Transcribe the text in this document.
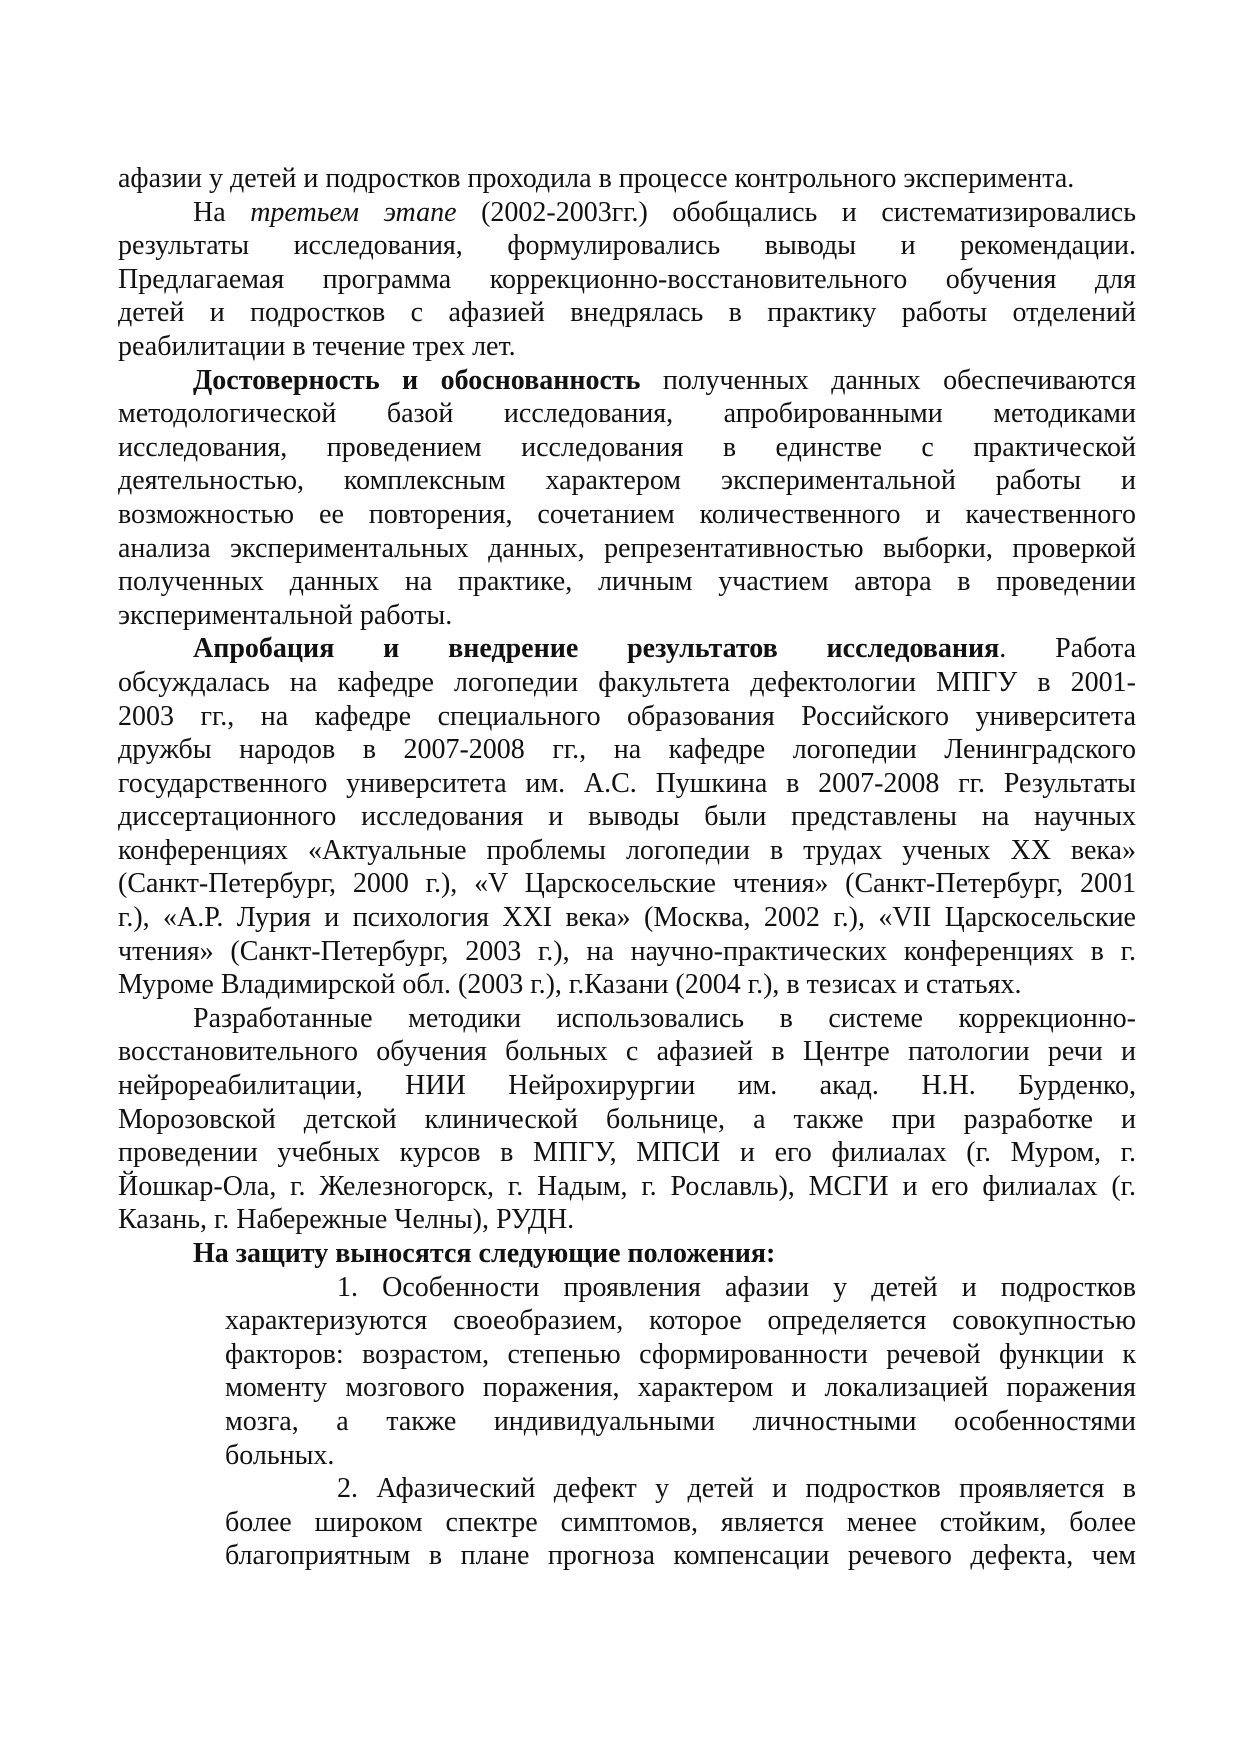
афазии у детей и подростков проходила в процессе контрольного эксперимента.
На третьем этапе (2002-2003гг.) обобщались и систематизировались
результаты исследования, формулировались выводы и рекомендации.
Предлагаемая программа коррекционно-восстановительного обучения для
детей и подростков с афазией внедрялась в практику работы отделений
реабилитации в течение трех лет.
Достоверность и обоснованность полученных данных обеспечиваются
методологической базой исследования, апробированными методиками
исследования, проведением исследования в единстве с практической
деятельностью, комплексным характером экспериментальной работы и
возможностью ее повторения, сочетанием количественного и качественного
анализа экспериментальных данных, репрезентативностью выборки, проверкой
полученных данных на практике, личным участием автора в проведении
экспериментальной работы.
Апробация и внедрение результатов исследования. Работа
обсуждалась на кафедре логопедии факультета дефектологии МПГУ в 2001-
2003 гг., на кафедре специального образования Российского университета
дружбы народов в 2007-2008 гг., на кафедре логопедии Ленинградского
государственного университета им. А.С. Пушкина в 2007-2008 гг. Результаты
диссертационного исследования и выводы были представлены на научных
конференциях «Актуальные проблемы логопедии в трудах ученых XX века»
(Санкт-Петербург, 2000 г.), «V Царскосельские чтения» (Санкт-Петербург, 2001
г.), «А.Р. Лурия и психология XXI века» (Москва, 2002 г.), «VII Царскосельские
чтения» (Санкт-Петербург, 2003 г.), на научно-практических конференциях в г.
Муроме Владимирской обл. (2003 г.), г.Казани (2004 г.), в тезисах и статьях.
Разработанные методики использовались в системе коррекционно-
восстановительного обучения больных с афазией в Центре патологии речи и
нейрореабилитации, НИИ Нейрохирургии им. акад. Н.Н. Бурденко,
Морозовской детской клинической больнице, а также при разработке и
проведении учебных курсов в МПГУ, МПСИ и его филиалах (г. Муром, г.
Йошкар-Ола, г. Железногорск, г. Надым, г. Рославль), МСГИ и его филиалах (г.
Казань, г. Набережные Челны), РУДН.
На защиту выносятся следующие положения:
1. Особенности проявления афазии у детей и подростков
характеризуются своеобразием, которое определяется совокупностью
факторов: возрастом, степенью сформированности речевой функции к
моменту мозгового поражения, характером и локализацией поражения
мозга, а также индивидуальными личностными особенностями
больных.
2. Афазический дефект у детей и подростков проявляется в
более широком спектре симптомов, является менее стойким, более
благоприятным в плане прогноза компенсации речевого дефекта, чем
